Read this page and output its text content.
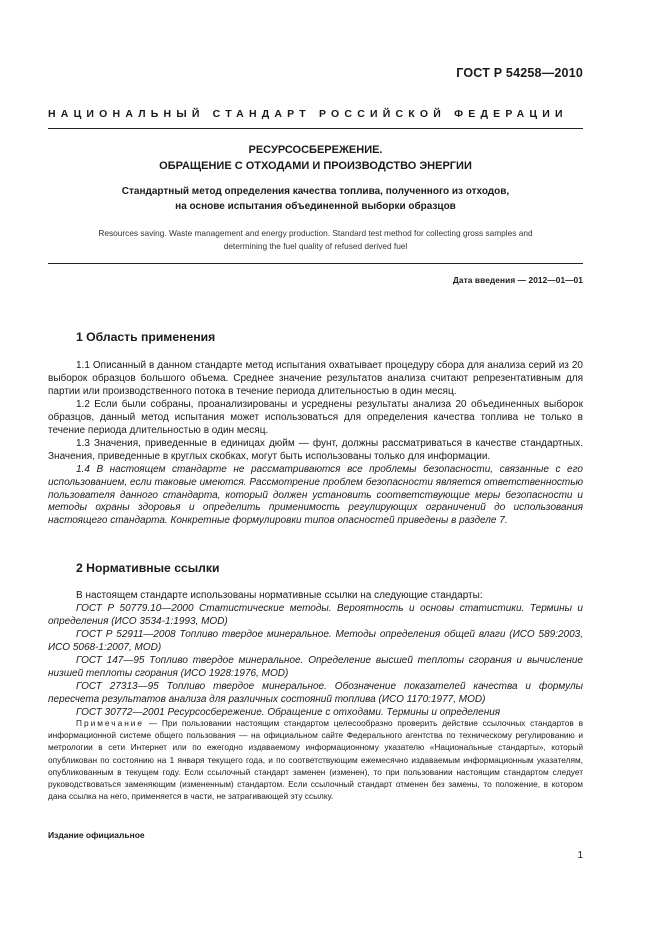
ГОСТ Р 54258—2010
НАЦИОНАЛЬНЫЙ СТАНДАРТ РОССИЙСКОЙ ФЕДЕРАЦИИ
РЕСУРСОСБЕРЕЖЕНИЕ.
ОБРАЩЕНИЕ С ОТХОДАМИ И ПРОИЗВОДСТВО ЭНЕРГИИ
Стандартный метод определения качества топлива, полученного из отходов,
на основе испытания объединенной выборки образцов
Resources saving. Waste management and energy production. Standard test method for collecting gross samples and
determining the fuel quality of refused derived fuel
Дата введения — 2012—01—01
1 Область применения

1.1 Описанный в данном стандарте метод испытания охватывает процедуру сбора для анализа серий из 20 выборок образцов большого объема. Среднее значение результатов анализа считают репрезентативным для партии или производственного потока в течение периода длительностью в один месяц.

1.2 Если были собраны, проанализированы и усреднены результаты анализа 20 объединенных выборок образцов, данный метод испытания может использоваться для определения качества топлива не только в течение периода длительностью в один месяц.

1.3 Значения, приведенные в единицах дюйм — фунт, должны рассматриваться в качестве стандартных. Значения, приведенные в круглых скобках, могут быть использованы только для информации.

1.4 В настоящем стандарте не рассматриваются все проблемы безопасности, связанные с его использованием, если таковые имеются. Рассмотрение проблем безопасности является ответственностью пользователя данного стандарта, который должен установить соответствующие меры безопасности и методы охраны здоровья и определить применимость регулирующих ограничений до использования настоящего стандарта. Конкретные формулировки типов опасностей приведены в разделе 7.

2 Нормативные ссылки

В настоящем стандарте использованы нормативные ссылки на следующие стандарты:

ГОСТ Р 50779.10—2000 Статистические методы. Вероятность и основы статистики. Термины и определения (ИСО 3534-1:1993, MOD)

ГОСТ Р 52911—2008 Топливо твердое минеральное. Методы определения общей влаги (ИСО 589:2003, ИСО 5068-1:2007, MOD)

ГОСТ 147—95 Топливо твердое минеральное. Определение высшей теплоты сгорания и вычисление низшей теплоты сгорания (ИСО 1928:1976, MOD)

ГОСТ 27313—95 Топливо твердое минеральное. Обозначение показателей качества и формулы пересчета результатов анализа для различных состояний топлива (ИСО 1170:1977, MOD)

ГОСТ 30772—2001 Ресурсосбережение. Обращение с отходами. Термины и определения

Примечание — При пользовании настоящим стандартом целесообразно проверить действие ссылочных стандартов в информационной системе общего пользования — на официальном сайте Федерального агентства по техническому регулированию и метрологии в сети Интернет или по ежегодно издаваемому информационному указателю «Национальные стандарты», который опубликован по состоянию на 1 января текущего года, и по соответствующим ежемесячно издаваемым информационным указателям, опубликованным в текущем году. Если ссылочный стандарт заменен (изменен), то при пользовании настоящим стандартом следует руководствоваться заменяющим (измененным) стандартом. Если ссылочный стандарт отменен без замены, то положение, в котором дана ссылка на него, применяется в части, не затрагивающей эту ссылку.

Издание официальное
1
